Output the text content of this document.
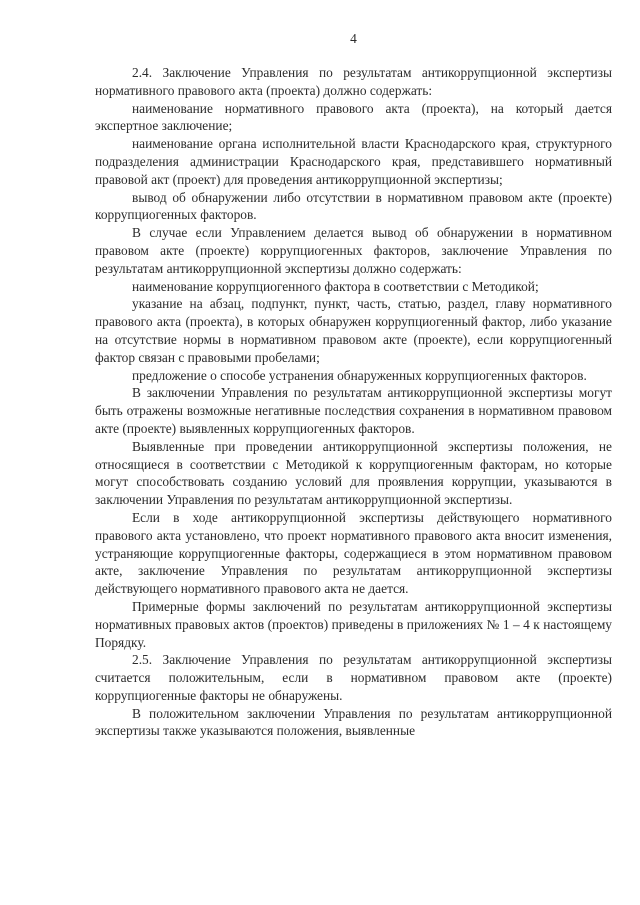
4

2.4. Заключение Управления по результатам антикоррупционной экспертизы нормативного правового акта (проекта) должно содержать:

наименование нормативного правового акта (проекта), на который дается экспертное заключение;

наименование органа исполнительной власти Краснодарского края, структурного подразделения администрации Краснодарского края, представившего нормативный правовой акт (проект) для проведения антикоррупционной экспертизы;

вывод об обнаружении либо отсутствии в нормативном правовом акте (проекте) коррупциогенных факторов.

В случае если Управлением делается вывод об обнаружении в нормативном правовом акте (проекте) коррупциогенных факторов, заключение Управления по результатам антикоррупционной экспертизы должно содержать:

наименование коррупциогенного фактора в соответствии с Методикой;

указание на абзац, подпункт, пункт, часть, статью, раздел, главу нормативного правового акта (проекта), в которых обнаружен коррупциогенный фактор, либо указание на отсутствие нормы в нормативном правовом акте (проекте), если коррупциогенный фактор связан с правовыми пробелами;

предложение о способе устранения обнаруженных коррупциогенных факторов.

В заключении Управления по результатам антикоррупционной экспертизы могут быть отражены возможные негативные последствия сохранения в нормативном правовом акте (проекте) выявленных коррупциогенных факторов.

Выявленные при проведении антикоррупционной экспертизы положения, не относящиеся в соответствии с Методикой к коррупциогенным факторам, но которые могут способствовать созданию условий для проявления коррупции, указываются в заключении Управления по результатам антикоррупционной экспертизы.

Если в ходе антикоррупционной экспертизы действующего нормативного правового акта установлено, что проект нормативного правового акта вносит изменения, устраняющие коррупциогенные факторы, содержащиеся в этом нормативном правовом акте, заключение Управления по результатам антикоррупционной экспертизы действующего нормативного правового акта не дается.

Примерные формы заключений по результатам антикоррупционной экспертизы нормативных правовых актов (проектов) приведены в приложениях № 1 – 4 к настоящему Порядку.

2.5. Заключение Управления по результатам антикоррупционной экспертизы считается положительным, если в нормативном правовом акте (проекте) коррупциогенные факторы не обнаружены.

В положительном заключении Управления по результатам антикоррупционной экспертизы также указываются положения, выявленные
